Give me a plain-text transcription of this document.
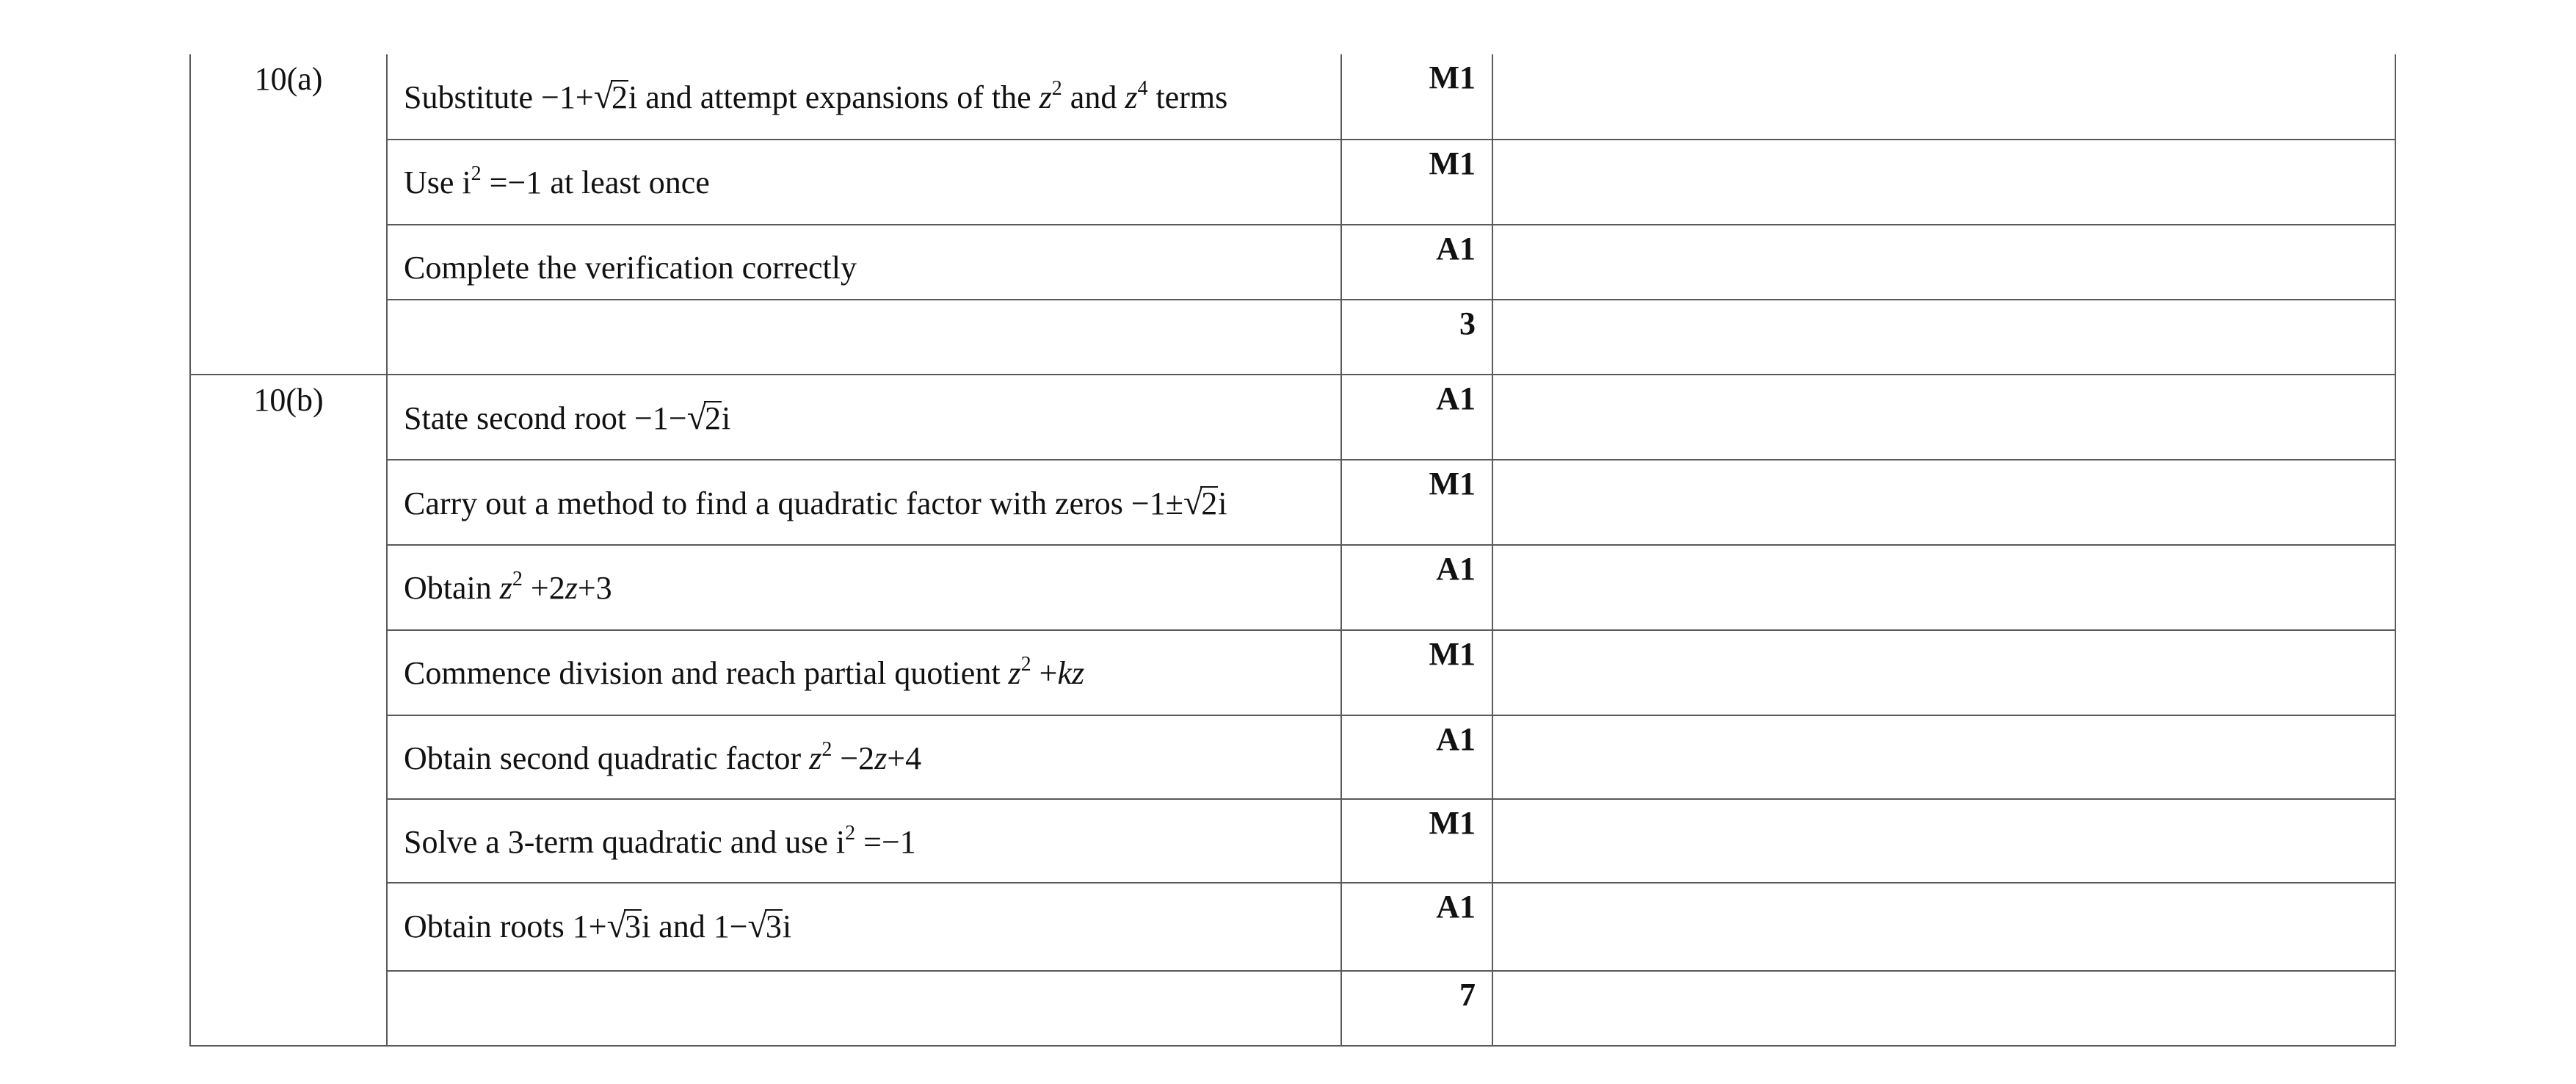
10(a)	Substitute −1+√2i and attempt expansions of the $z^2$ and $z^4$ terms	M1	
	Use $i^2 =-1$ at least once	M1	
	Complete the verification correctly	A1	
		3	
10(b)	State second root −1−√2i	A1	
	Carry out a method to find a quadratic factor with zeros −1±√2i	M1	
	Obtain $z^2 +2z+3$	A1	
	Commence division and reach partial quotient $z^2 +kz$	M1	
	Obtain second quadratic factor $z^2 -2z+4$	A1	
	Solve a 3-term quadratic and use $i^2 =-1$	M1	
	Obtain roots 1+√3i and 1−√3i	A1	
		7	
